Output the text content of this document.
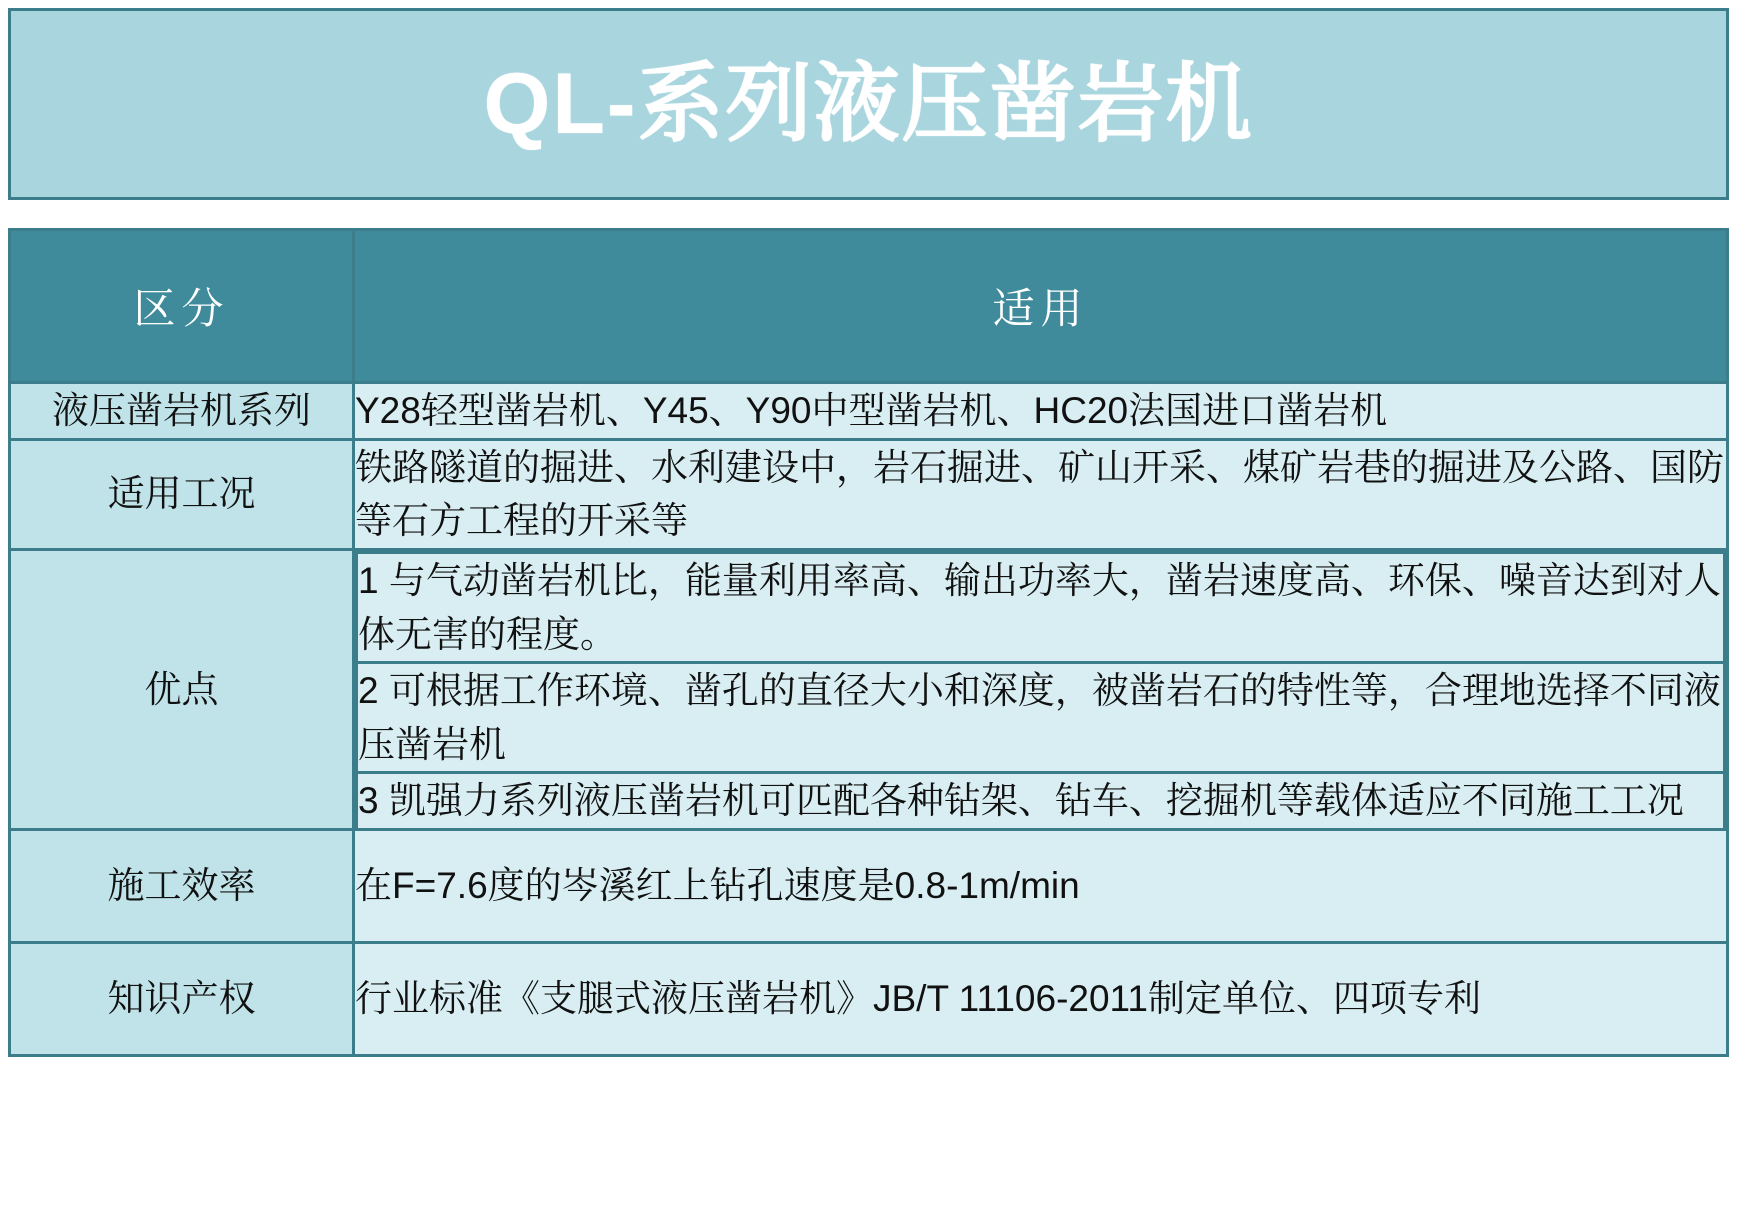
QL-系列液压凿岩机
区分	适用
液压凿岩机系列	Y28轻型凿岩机、Y45、Y90中型凿岩机、HC20法国进口凿岩机
适用工况	铁路隧道的掘进、水利建设中，岩石掘进、矿山开采、煤矿岩巷的掘进及公路、国防等石方工程的开采等
优点	
1 与气动凿岩机比，能量利用率高、输出功率大，凿岩速度高、环保、噪音达到对人体无害的程度。
2 可根据工作环境、凿孔的直径大小和深度，被凿岩石的特性等，合理地选择不同液压凿岩机
3 凯强力系列液压凿岩机可匹配各种钻架、钻车、挖掘机等载体适应不同施工工况

施工效率	在F=7.6度的岑溪红上钻孔速度是0.8-1m/min
知识产权	行业标准《支腿式液压凿岩机》JB/T 11106-2011制定单位、四项专利
